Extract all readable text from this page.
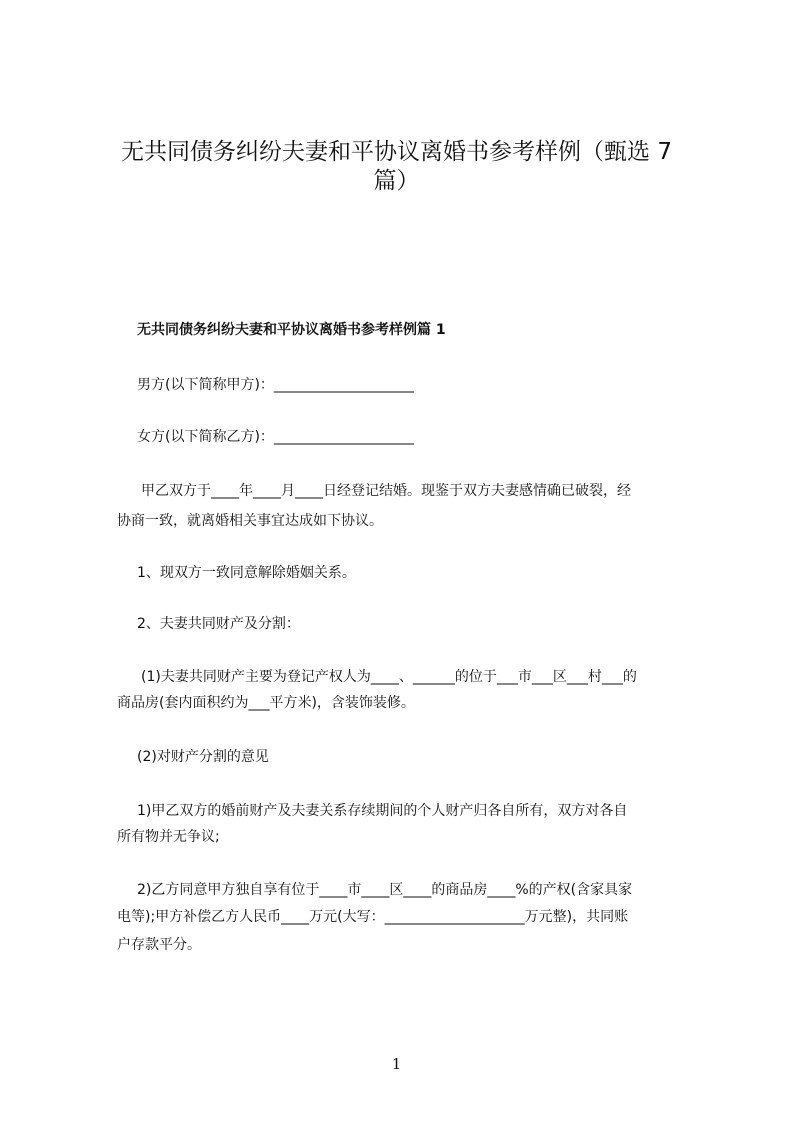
无共同债务纠纷夫妻和平协议离婚书参考样例（甄选 7
篇）
无共同债务纠纷夫妻和平协议离婚书参考样例篇 1
男方(以下简称甲方)：____________________
女方(以下简称乙方)：____________________
甲乙双方于____年____月____日经登记结婚。现鉴于双方夫妻感情确已破裂，经
协商一致，就离婚相关事宜达成如下协议。
1、现双方一致同意解除婚姻关系。
2、夫妻共同财产及分割：
(1)夫妻共同财产主要为登记产权人为____、______的位于___市___区___村___的
商品房(套内面积约为___平方米)，含装饰装修。
(2)对财产分割的意见
1)甲乙双方的婚前财产及夫妻关系存续期间的个人财产归各自所有，双方对各自
所有物并无争议;
2)乙方同意甲方独自享有位于____市____区____的商品房____%的产权(含家具家
电等);甲方补偿乙方人民币____万元(大写：____________________万元整)，共同账
户存款平分。
1
